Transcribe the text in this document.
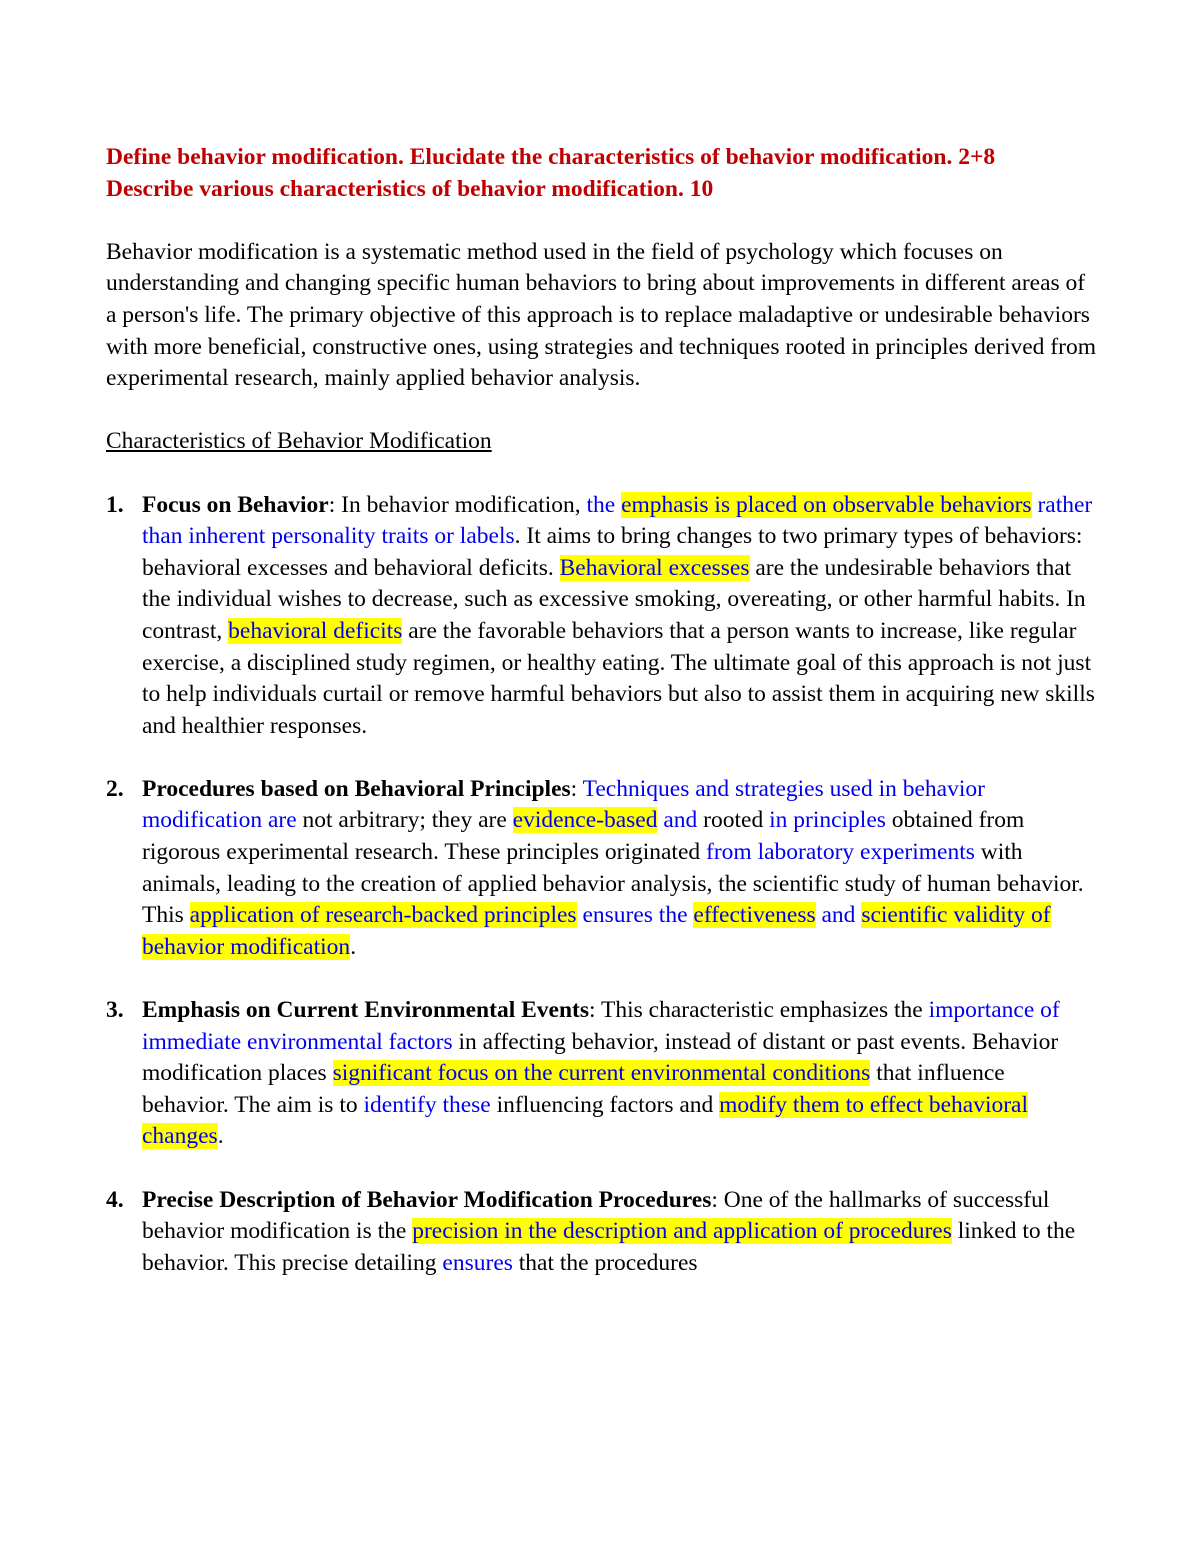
Define behavior modification. Elucidate the characteristics of behavior modification. 2+8
Describe various characteristics of behavior modification. 10

Behavior modification is a systematic method used in the field of psychology which focuses on understanding and changing specific human behaviors to bring about improvements in different areas of a person's life. The primary objective of this approach is to replace maladaptive or undesirable behaviors with more beneficial, constructive ones, using strategies and techniques rooted in principles derived from experimental research, mainly applied behavior analysis.

Characteristics of Behavior Modification

1. Focus on Behavior: In behavior modification, the emphasis is placed on observable behaviors rather than inherent personality traits or labels. It aims to bring changes to two primary types of behaviors: behavioral excesses and behavioral deficits. Behavioral excesses are the undesirable behaviors that the individual wishes to decrease, such as excessive smoking, overeating, or other harmful habits. In contrast, behavioral deficits are the favorable behaviors that a person wants to increase, like regular exercise, a disciplined study regimen, or healthy eating. The ultimate goal of this approach is not just to help individuals curtail or remove harmful behaviors but also to assist them in acquiring new skills and healthier responses.
2. Procedures based on Behavioral Principles: Techniques and strategies used in behavior modification are not arbitrary; they are evidence-based and rooted in principles obtained from rigorous experimental research. These principles originated from laboratory experiments with animals, leading to the creation of applied behavior analysis, the scientific study of human behavior. This application of research-backed principles ensures the effectiveness and scientific validity of behavior modification.
3. Emphasis on Current Environmental Events: This characteristic emphasizes the importance of immediate environmental factors in affecting behavior, instead of distant or past events. Behavior modification places significant focus on the current environmental conditions that influence behavior. The aim is to identify these influencing factors and modify them to effect behavioral changes.
4. Precise Description of Behavior Modification Procedures: One of the hallmarks of successful behavior modification is the precision in the description and application of procedures linked to the behavior. This precise detailing ensures that the procedures
